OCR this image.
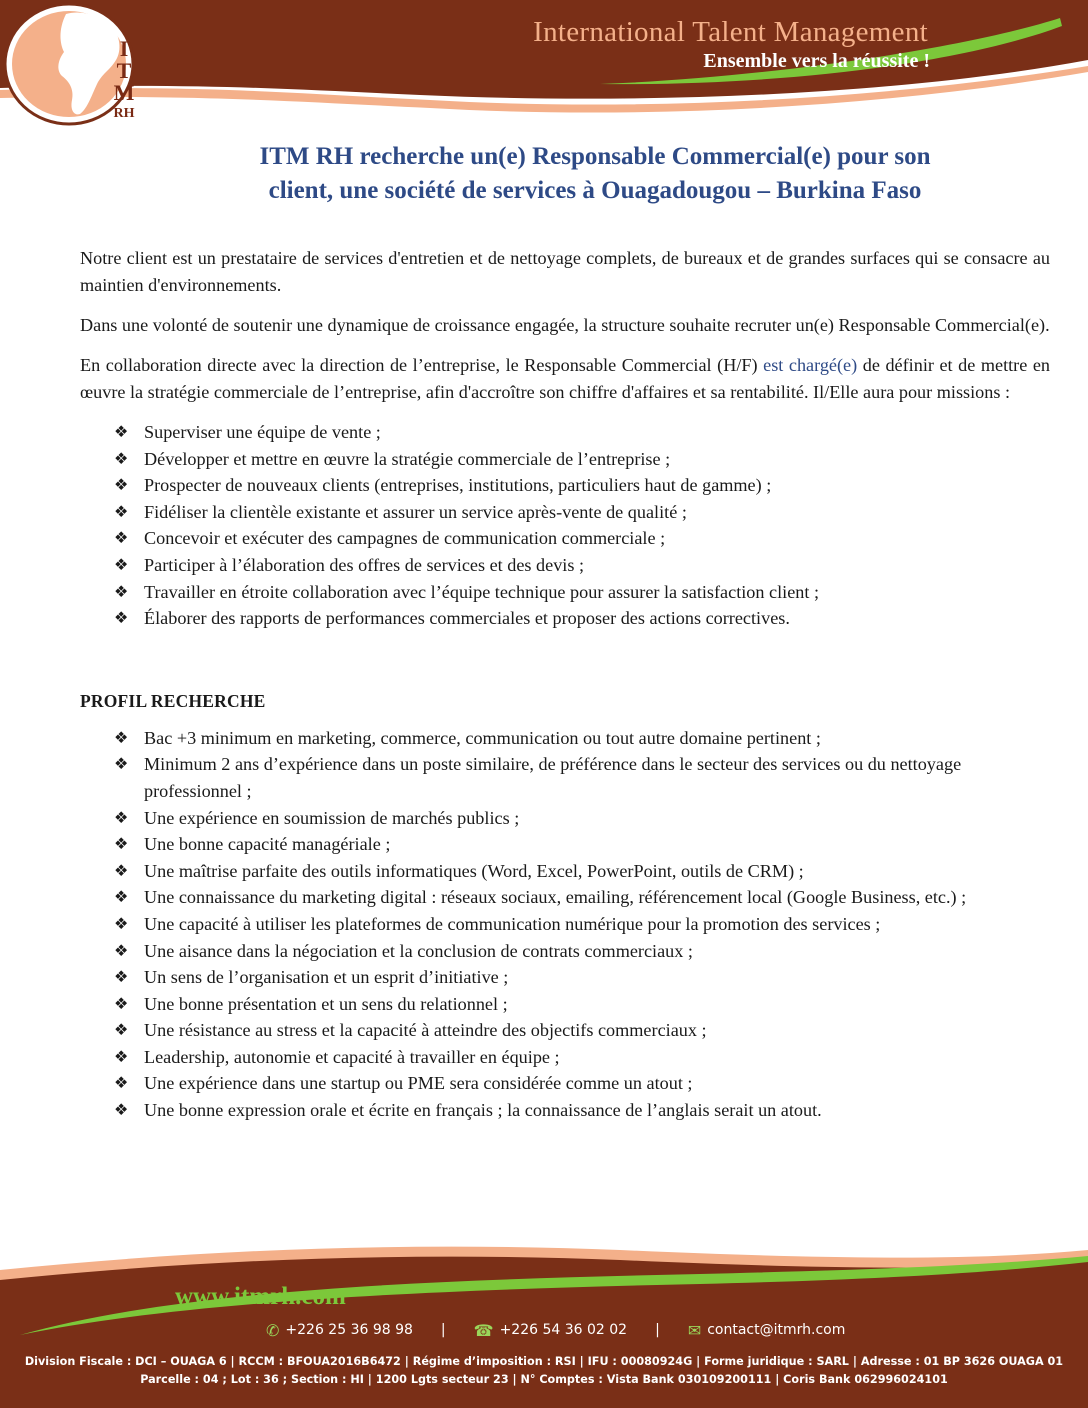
International Talent Management
Ensemble vers la réussite !
I
T
M
RH
ITM RH recherche un(e) Responsable Commercial(e) pour son
client, une société de services à Ouagadougou – Burkina Faso

Notre client est un prestataire de services d'entretien et de nettoyage complets, de bureaux et de grandes surfaces qui se consacre au maintien d'environnements.

Dans une volonté de soutenir une dynamique de croissance engagée, la structure souhaite recruter un(e) Responsable Commercial(e).

En collaboration directe avec la direction de l’entreprise, le Responsable Commercial (H/F) est chargé(e) de définir et de mettre en œuvre la stratégie commerciale de l’entreprise, afin d'accroître son chiffre d'affaires et sa rentabilité. Il/Elle aura pour missions :

❖ Superviser une équipe de vente ;
❖ Développer et mettre en œuvre la stratégie commerciale de l’entreprise ;
❖ Prospecter de nouveaux clients (entreprises, institutions, particuliers haut de gamme) ;
❖ Fidéliser la clientèle existante et assurer un service après-vente de qualité ;
❖ Concevoir et exécuter des campagnes de communication commerciale ;
❖ Participer à l’élaboration des offres de services et des devis ;
❖ Travailler en étroite collaboration avec l’équipe technique pour assurer la satisfaction client ;
❖ Élaborer des rapports de performances commerciales et proposer des actions correctives.
PROFIL RECHERCHE
❖ Bac +3 minimum en marketing, commerce, communication ou tout autre domaine pertinent ;
❖ Minimum 2 ans d’expérience dans un poste similaire, de préférence dans le secteur des services ou du nettoyage professionnel ;
❖ Une expérience en soumission de marchés publics ;
❖ Une bonne capacité managériale ;
❖ Une maîtrise parfaite des outils informatiques (Word, Excel, PowerPoint, outils de CRM) ;
❖ Une connaissance du marketing digital : réseaux sociaux, emailing, référencement local (Google Business, etc.) ;
❖ Une capacité à utiliser les plateformes de communication numérique pour la promotion des services ;
❖ Une aisance dans la négociation et la conclusion de contrats commerciaux ;
❖ Un sens de l’organisation et un esprit d’initiative ;
❖ Une bonne présentation et un sens du relationnel ;
❖ Une résistance au stress et la capacité à atteindre des objectifs commerciaux ;
❖ Leadership, autonomie et capacité à travailler en équipe ;
❖ Une expérience dans une startup ou PME sera considérée comme un atout ;
❖ Une bonne expression orale et écrite en français ; la connaissance de l’anglais serait un atout.
www.itmrh.com
✆ +226 25 36 98 98 | ☎ +226 54 36 02 02 | ✉ contact@itmrh.com
Division Fiscale : DCI – OUAGA 6 | RCCM : BFOUA2016B6472 | Régime d’imposition : RSI | IFU : 00080924G | Forme juridique : SARL | Adresse : 01 BP 3626 OUAGA 01
Parcelle : 04 ; Lot : 36 ; Section : HI | 1200 Lgts secteur 23 | N° Comptes : Vista Bank 030109200111 | Coris Bank 062996024101
